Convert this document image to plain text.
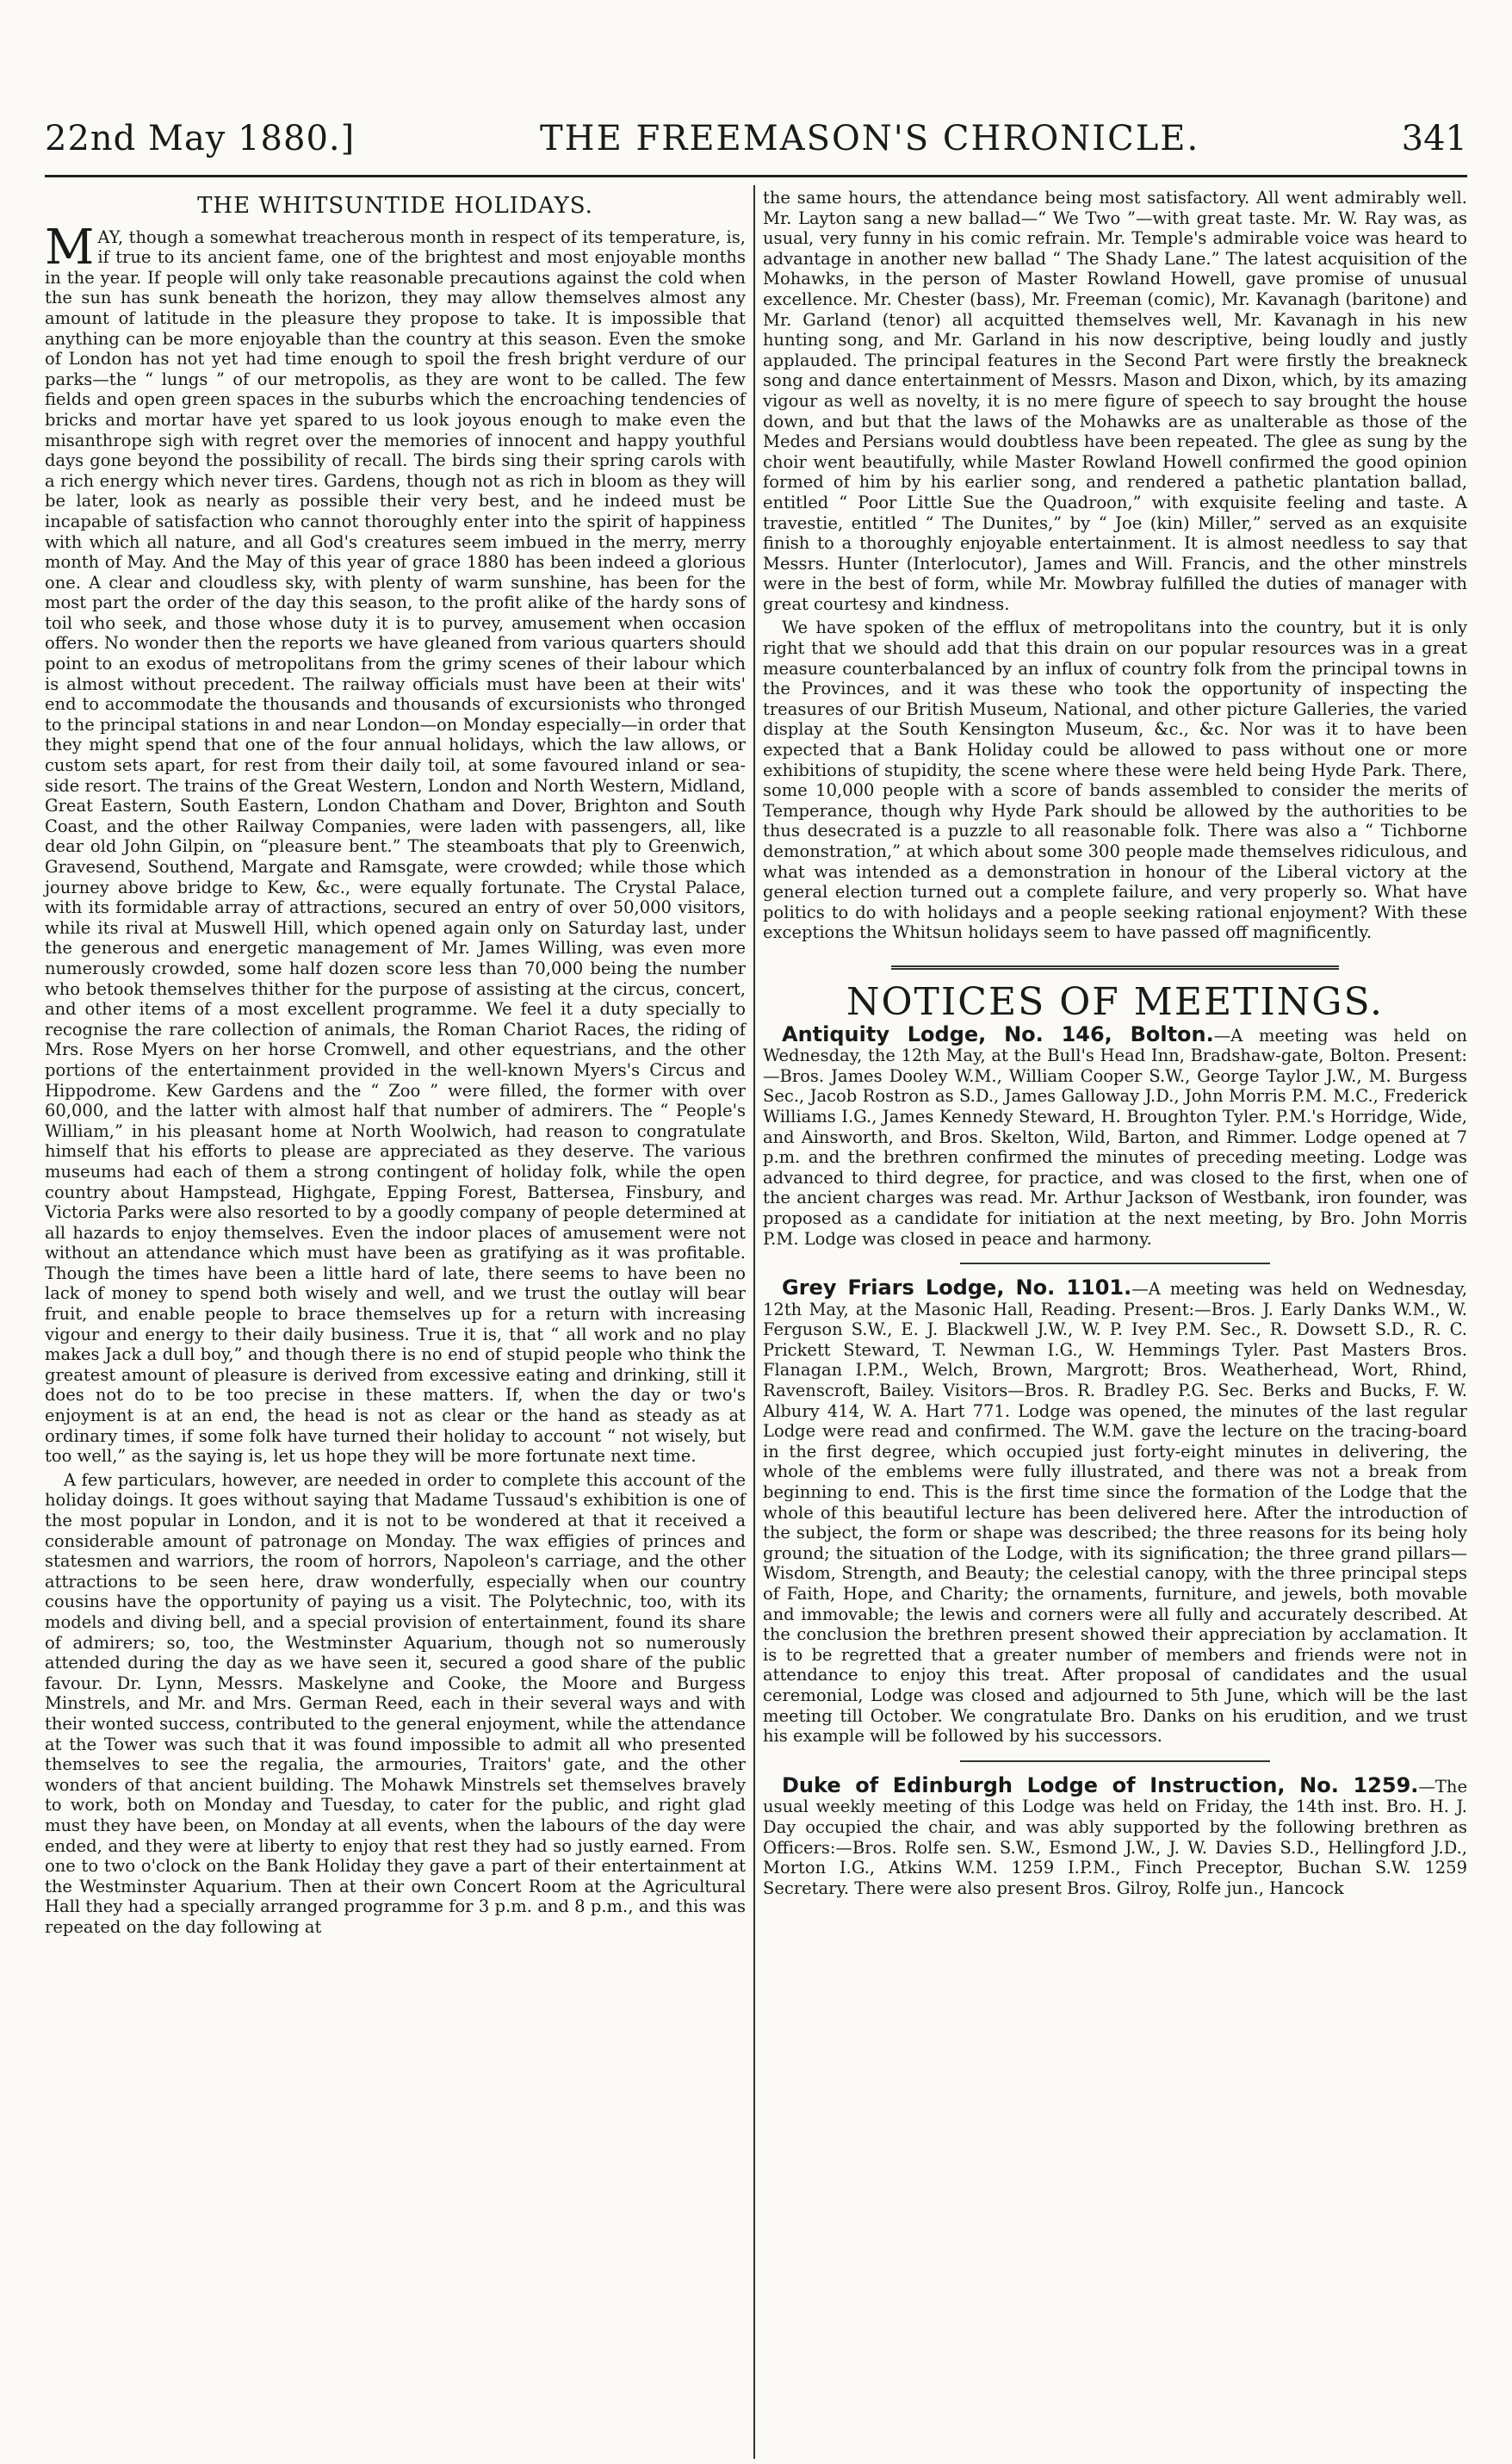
22nd May 1880.]	THE FREEMASON'S CHRONICLE.	341
THE WHITSUNTIDE HOLIDAYS.

MAY, though a somewhat treacherous month in respect of its temperature, is, if true to its ancient fame, one of the brightest and most enjoyable months in the year. If people will only take reasonable precautions against the cold when the sun has sunk beneath the horizon, they may allow themselves almost any amount of latitude in the pleasure they propose to take. It is impossible that anything can be more enjoyable than the country at this season. Even the smoke of London has not yet had time enough to spoil the fresh bright verdure of our parks—the “ lungs ” of our metropolis, as they are wont to be called. The few fields and open green spaces in the suburbs which the encroaching tendencies of bricks and mortar have yet spared to us look joyous enough to make even the misanthrope sigh with regret over the memories of innocent and happy youthful days gone beyond the possibility of recall. The birds sing their spring carols with a rich energy which never tires. Gardens, though not as rich in bloom as they will be later, look as nearly as possible their very best, and he indeed must be incapable of satisfaction who cannot thoroughly enter into the spirit of happiness with which all nature, and all God's creatures seem imbued in the merry, merry month of May. And the May of this year of grace 1880 has been indeed a glorious one. A clear and cloudless sky, with plenty of warm sunshine, has been for the most part the order of the day this season, to the profit alike of the hardy sons of toil who seek, and those whose duty it is to purvey, amusement when occasion offers. No wonder then the reports we have gleaned from various quarters should point to an exodus of metropolitans from the grimy scenes of their labour which is almost without precedent. The railway officials must have been at their wits' end to accommodate the thousands and thousands of excursionists who thronged to the principal stations in and near London—on Monday especially—in order that they might spend that one of the four annual holidays, which the law allows, or custom sets apart, for rest from their daily toil, at some favoured inland or sea-side resort. The trains of the Great Western, London and North Western, Midland, Great Eastern, South Eastern, London Chatham and Dover, Brighton and South Coast, and the other Railway Companies, were laden with passengers, all, like dear old John Gilpin, on “pleasure bent.” The steamboats that ply to Greenwich, Gravesend, Southend, Margate and Ramsgate, were crowded; while those which journey above bridge to Kew, &c., were equally fortunate. The Crystal Palace, with its formidable array of attractions, secured an entry of over 50,000 visitors, while its rival at Muswell Hill, which opened again only on Saturday last, under the generous and energetic management of Mr. James Willing, was even more numerously crowded, some half dozen score less than 70,000 being the number who betook themselves thither for the purpose of assisting at the circus, concert, and other items of a most excellent programme. We feel it a duty specially to recognise the rare collection of animals, the Roman Chariot Races, the riding of Mrs. Rose Myers on her horse Cromwell, and other equestrians, and the other portions of the entertainment provided in the well-known Myers's Circus and Hippodrome. Kew Gardens and the “ Zoo ” were filled, the former with over 60,000, and the latter with almost half that number of admirers. The “ People's William,” in his pleasant home at North Woolwich, had reason to congratulate himself that his efforts to please are appreciated as they deserve. The various museums had each of them a strong contingent of holiday folk, while the open country about Hampstead, Highgate, Epping Forest, Battersea, Finsbury, and Victoria Parks were also resorted to by a goodly company of people determined at all hazards to enjoy themselves. Even the indoor places of amusement were not without an attendance which must have been as gratifying as it was profitable. Though the times have been a little hard of late, there seems to have been no lack of money to spend both wisely and well, and we trust the outlay will bear fruit, and enable people to brace themselves up for a return with increasing vigour and energy to their daily business. True it is, that “ all work and no play makes Jack a dull boy,” and though there is no end of stupid people who think the greatest amount of pleasure is derived from excessive eating and drinking, still it does not do to be too precise in these matters. If, when the day or two's enjoyment is at an end, the head is not as clear or the hand as steady as at ordinary times, if some folk have turned their holiday to account “ not wisely, but too well,” as the saying is, let us hope they will be more fortunate next time.

A few particulars, however, are needed in order to complete this account of the holiday doings. It goes without saying that Madame Tussaud's exhibition is one of the most popular in London, and it is not to be wondered at that it received a considerable amount of patronage on Monday. The wax effigies of princes and statesmen and warriors, the room of horrors, Napoleon's carriage, and the other attractions to be seen here, draw wonderfully, especially when our country cousins have the opportunity of paying us a visit. The Polytechnic, too, with its models and diving bell, and a special provision of entertainment, found its share of admirers; so, too, the Westminster Aquarium, though not so numerously attended during the day as we have seen it, secured a good share of the public favour. Dr. Lynn, Messrs. Maskelyne and Cooke, the Moore and Burgess Minstrels, and Mr. and Mrs. German Reed, each in their several ways and with their wonted success, contributed to the general enjoyment, while the attendance at the Tower was such that it was found impossible to admit all who presented themselves to see the regalia, the armouries, Traitors' gate, and the other wonders of that ancient building. The Mohawk Minstrels set themselves bravely to work, both on Monday and Tuesday, to cater for the public, and right glad must they have been, on Monday at all events, when the labours of the day were ended, and they were at liberty to enjoy that rest they had so justly earned. From one to two o'clock on the Bank Holiday they gave a part of their entertainment at the Westminster Aquarium. Then at their own Concert Room at the Agricultural Hall they had a specially arranged programme for 3 p.m. and 8 p.m., and this was repeated on the day following at

the same hours, the attendance being most satisfactory. All went admirably well. Mr. Layton sang a new ballad—“ We Two ”—with great taste. Mr. W. Ray was, as usual, very funny in his comic refrain. Mr. Temple's admirable voice was heard to advantage in another new ballad “ The Shady Lane.” The latest acquisition of the Mohawks, in the person of Master Rowland Howell, gave promise of unusual excellence. Mr. Chester (bass), Mr. Freeman (comic), Mr. Kavanagh (baritone) and Mr. Garland (tenor) all acquitted themselves well, Mr. Kavanagh in his new hunting song, and Mr. Garland in his now descriptive, being loudly and justly applauded. The principal features in the Second Part were firstly the breakneck song and dance entertainment of Messrs. Mason and Dixon, which, by its amazing vigour as well as novelty, it is no mere figure of speech to say brought the house down, and but that the laws of the Mohawks are as unalterable as those of the Medes and Persians would doubtless have been repeated. The glee as sung by the choir went beautifully, while Master Rowland Howell confirmed the good opinion formed of him by his earlier song, and rendered a pathetic plantation ballad, entitled “ Poor Little Sue the Quadroon,” with exquisite feeling and taste. A travestie, entitled “ The Dunites,” by “ Joe (kin) Miller,” served as an exquisite finish to a thoroughly enjoyable entertainment. It is almost needless to say that Messrs. Hunter (Interlocutor), James and Will. Francis, and the other minstrels were in the best of form, while Mr. Mowbray fulfilled the duties of manager with great courtesy and kindness.

We have spoken of the efflux of metropolitans into the country, but it is only right that we should add that this drain on our popular resources was in a great measure counterbalanced by an influx of country folk from the principal towns in the Provinces, and it was these who took the opportunity of inspecting the treasures of our British Museum, National, and other picture Galleries, the varied display at the South Kensington Museum, &c., &c. Nor was it to have been expected that a Bank Holiday could be allowed to pass without one or more exhibitions of stupidity, the scene where these were held being Hyde Park. There, some 10,000 people with a score of bands assembled to consider the merits of Temperance, though why Hyde Park should be allowed by the authorities to be thus desecrated is a puzzle to all reasonable folk. There was also a “ Tichborne demonstration,” at which about some 300 people made themselves ridiculous, and what was intended as a demonstration in honour of the Liberal victory at the general election turned out a complete failure, and very properly so. What have politics to do with holidays and a people seeking rational enjoyment? With these exceptions the Whitsun holidays seem to have passed off magnificently.

NOTICES OF MEETINGS.

Antiquity Lodge, No. 146, Bolton.—A meeting was held on Wednesday, the 12th May, at the Bull's Head Inn, Bradshaw-gate, Bolton. Present:—Bros. James Dooley W.M., William Cooper S.W., George Taylor J.W., M. Burgess Sec., Jacob Rostron as S.D., James Galloway J.D., John Morris P.M. M.C., Frederick Williams I.G., James Kennedy Steward, H. Broughton Tyler. P.M.'s Horridge, Wide, and Ainsworth, and Bros. Skelton, Wild, Barton, and Rimmer. Lodge opened at 7 p.m. and the brethren confirmed the minutes of preceding meeting. Lodge was advanced to third degree, for practice, and was closed to the first, when one of the ancient charges was read. Mr. Arthur Jackson of Westbank, iron founder, was proposed as a candidate for initiation at the next meeting, by Bro. John Morris P.M. Lodge was closed in peace and harmony.

Grey Friars Lodge, No. 1101.—A meeting was held on Wednesday, 12th May, at the Masonic Hall, Reading. Present:—Bros. J. Early Danks W.M., W. Ferguson S.W., E. J. Blackwell J.W., W. P. Ivey P.M. Sec., R. Dowsett S.D., R. C. Prickett Steward, T. Newman I.G., W. Hemmings Tyler. Past Masters Bros. Flanagan I.P.M., Welch, Brown, Margrott; Bros. Weatherhead, Wort, Rhind, Ravenscroft, Bailey. Visitors—Bros. R. Bradley P.G. Sec. Berks and Bucks, F. W. Albury 414, W. A. Hart 771. Lodge was opened, the minutes of the last regular Lodge were read and confirmed. The W.M. gave the lecture on the tracing-board in the first degree, which occupied just forty-eight minutes in delivering, the whole of the emblems were fully illustrated, and there was not a break from beginning to end. This is the first time since the formation of the Lodge that the whole of this beautiful lecture has been delivered here. After the introduction of the subject, the form or shape was described; the three reasons for its being holy ground; the situation of the Lodge, with its signification; the three grand pillars—Wisdom, Strength, and Beauty; the celestial canopy, with the three principal steps of Faith, Hope, and Charity; the ornaments, furniture, and jewels, both movable and immovable; the lewis and corners were all fully and accurately described. At the conclusion the brethren present showed their appreciation by acclamation. It is to be regretted that a greater number of members and friends were not in attendance to enjoy this treat. After proposal of candidates and the usual ceremonial, Lodge was closed and adjourned to 5th June, which will be the last meeting till October. We congratulate Bro. Danks on his erudition, and we trust his example will be followed by his successors.

Duke of Edinburgh Lodge of Instruction, No. 1259.—The usual weekly meeting of this Lodge was held on Friday, the 14th inst. Bro. H. J. Day occupied the chair, and was ably supported by the following brethren as Officers:—Bros. Rolfe sen. S.W., Esmond J.W., J. W. Davies S.D., Hellingford J.D., Morton I.G., Atkins W.M. 1259 I.P.M., Finch Preceptor, Buchan S.W. 1259 Secretary. There were also present Bros. Gilroy, Rolfe jun., Hancock
